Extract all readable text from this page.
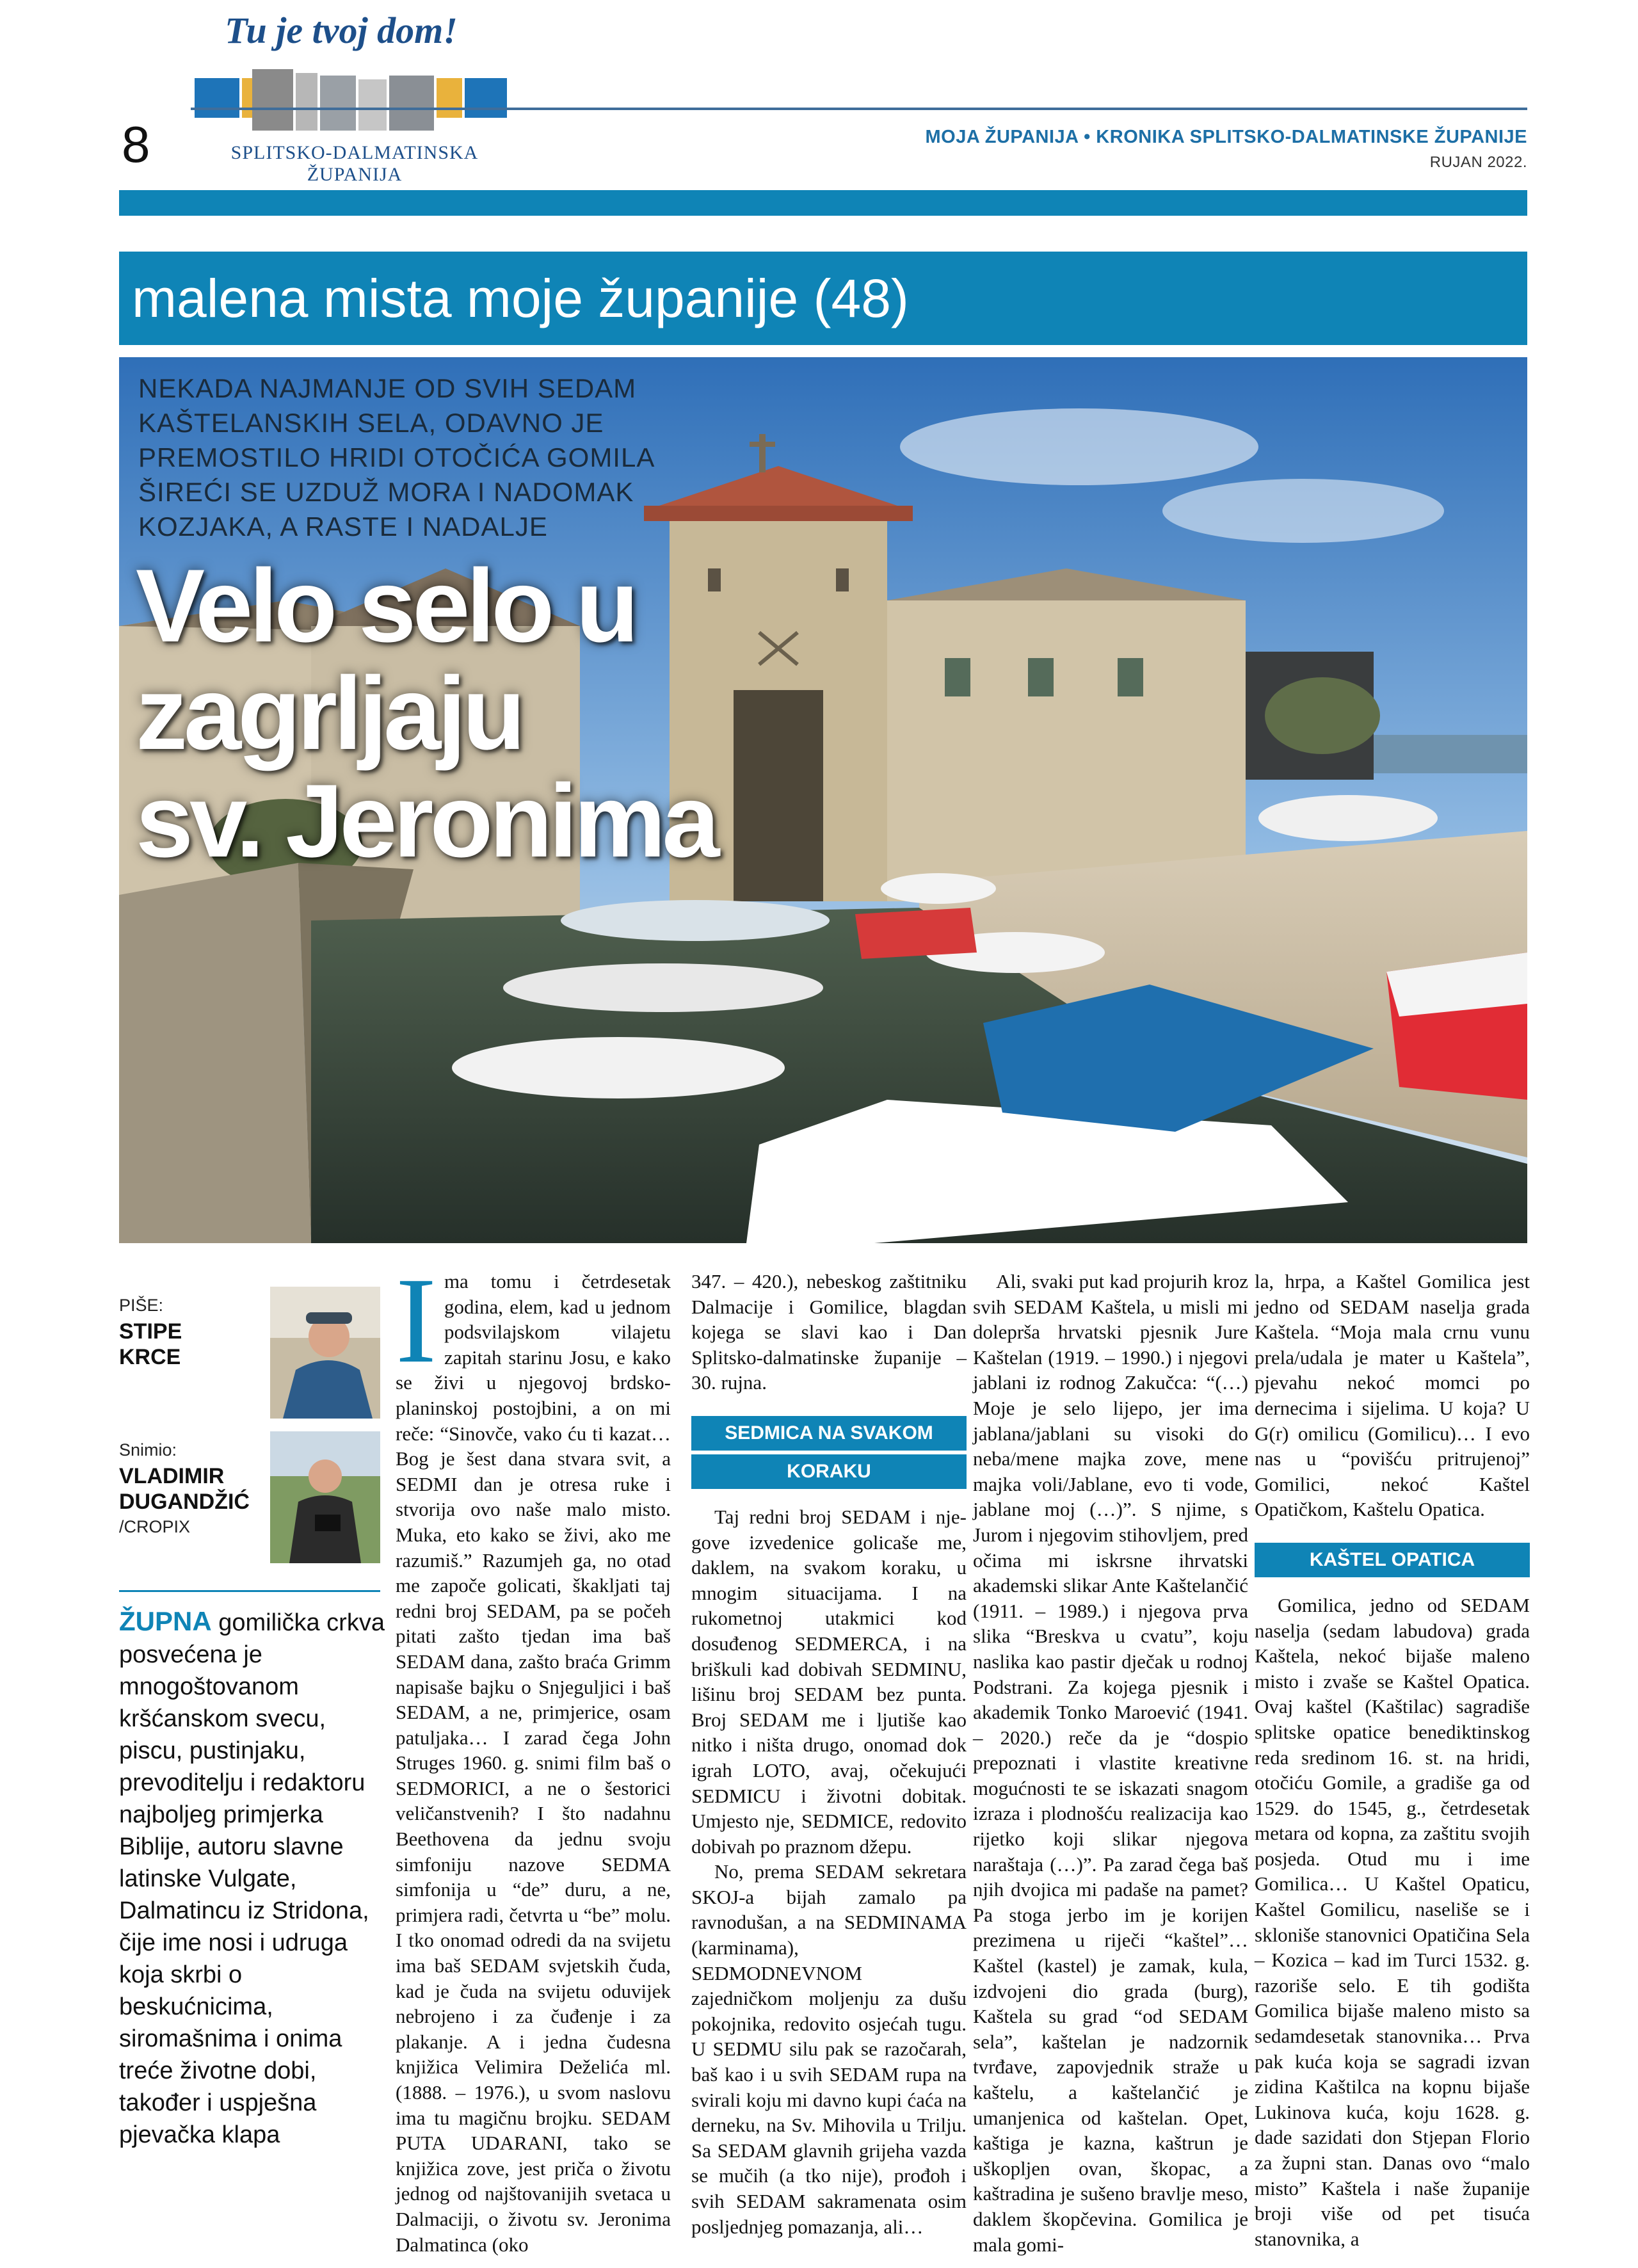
Tu je tvoj dom!
SPLITSKO-DALMATINSKA ŽUPANIJA
8	MOJA ŽUPANIJA • KRONIKA SPLITSKO-DALMATINSKE ŽUPANIJE
RUJAN 2022.
malena mista moje županije (48)
NEKADA NAJMANJE OD SVIH SEDAM KAŠTELANSKIH SELA, ODAVNO JE PREMOSTILO HRIDI OTOČIĆA GOMILA ŠIREĆI SE UZDUŽ MORA I NADOMAK KOZJAKA, A RASTE I NADALJE
Velo selo u
zagrljaju
sv. Jeronima
PIŠE:
STIPE
KRCE
Snimio:
VLADIMIR
DUGANDŽIĆ
/CROPIX
ŽUPNA gomilička crkva posvećena je mnogoštovanom kršćanskom svecu, piscu, pustinjaku, prevoditelju i redaktoru najboljeg primjerka Biblije, autoru slavne latinske Vulgate, Dalmatincu iz Stridona, čije ime nosi i udruga koja skrbi o beskućnicima, siromašnima i onima treće životne dobi, također i uspješna pjevačka klapa

Ima tomu i četrdesetak godina, elem, kad u jednom podsvilajskom vilajetu zapitah starinu Josu, e kako se živi u njegovoj brdsko-planinskoj postojbini, a on mi reče: “Sinovče, vako ću ti kazat… Bog je šest dana stvara svit, a SEDMI dan je otresa ruke i stvorija ovo naše malo misto. Muka, eto kako se živi, ako me razumiš.” Razumjeh ga, no otad me započe golicati, škakljati taj redni broj SEDAM, pa se počeh pitati zašto tjedan ima baš SEDAM dana, zašto braća Grimm napisaše bajku o Snjeguljici i baš SEDAM, a ne, primjerice, osam patuljaka… I zarad čega John Struges 1960. g. snimi film baš o SEDMORICI, a ne o šestorici veličanstvenih? I što nadahnu Beethovena da jednu svoju simfoniju nazove SEDMA simfonija u “de” duru, a ne, primjera radi, četvrta u “be” molu. I tko onomad odredi da na svijetu ima baš SEDAM svjetskih čuda, kad je čuda na svijetu oduvijek nebrojeno i za čuđenje i za plakanje. A i jedna čudesna knjižica Velimira Deželića ml. (1888. – 1976.), u svom naslovu ima tu magičnu brojku. SEDAM PUTA UDARANI, tako se knjižica zove, jest priča o životu jednog od najštovanijih svetaca u Dalmaciji, o životu sv. Jeronima Dalmatinca (oko

347. – 420.), nebeskog zaštitniku Dalmacije i Gomilice, blagdan kojega se slavi kao i Dan Splitsko-dalmatinske županije – 30. rujna.

SEDMICA NA SVAKOM
KORAKU

Taj redni broj SEDAM i nje- gove izvedenice golicaše me, daklem, na svakom koraku, u mnogim situacijama. I na rukometnoj utakmici kod dosuđenog SEDMERCA, i na briškuli kad dobivah SEDMINU, lišinu broj SEDAM bez punta. Broj SEDAM me i ljutiše kao nitko i ništa drugo, onomad dok igrah LOTO, avaj, očekujući SEDMICU i životni dobitak. Umjesto nje, SEDMICE, redovito dobivah po praznom džepu.

No, prema SEDAM sekretara SKOJ-a bijah zamalo pa ravnodušan, a na SEDMINAMA (karminama), SEDMODNEVNOM zajedničkom moljenju za dušu pokojnika, redovito osjećah tugu. U SEDMU silu pak se razočarah, baš kao i u svih SEDAM rupa na svirali koju mi davno kupi ćaća na derneku, na Sv. Mihovila u Trilju. Sa SEDAM glavnih grijeha vazda se mučih (a tko nije), prođoh i svih SEDAM sakramenata osim posljednjeg pomazanja, ali…

Ali, svaki put kad projurih kroz svih SEDAM Kaštela, u misli mi dolepršа hrvatski pjesnik Jure Kaštelan (1919. – 1990.) i njegovi jablani iz rodnog Zakučca: “(…) Moje je selo lijepo, jer ima jablana/jablani su visoki do neba/mene majka zove, mene majka voli/Jablane, evo ti vode, jablane moj (…)”. S njime, s Jurom i njegovim stihovljem, pred očima mi iskrsne ihrvatski akademski slikar Ante Kaštelančić (1911. – 1989.) i njegova prva slika “Breskva u cvatu”, koju naslika kao pastir dječak u rodnoj Podstrani. Za kojega pjesnik i akademik Tonko Maroević (1941. – 2020.) reče da je “dospio prepoznati i vlastite kreativne mogućnosti te se iskazati snagom izraza i plodnošću realizacija kao rijetko koji slikar njegova naraštaja (…)”. Pa zarad čega baš njih dvojica mi padaše na pamet? Pa stoga jerbo im je korijen prezimena u riječi “kaštel”… Kaštel (kastel) je zamak, kula, izdvojeni dio grada (burg), Kaštela su grad “od SEDAM sela”, kaštelan je nadzornik tvrđave, zapovjednik straže u kaštelu, a kaštelančić je umanjenica od kaštelan. Opet, kaštiga je kazna, kaštrun je uškopljen ovan, škopac, a kaštradina je sušeno bravlje meso, daklem škopčevina. Gomilica je mala gomi-

la, hrpa, a Kaštel Gomilica jest jedno od SEDAM naselja grada Kaštela. “Moja mala crnu vunu prela/udala je mater u Kaštela”, pjevahu nekoć momci po dernecima i sijelima. U koja? U G(r) omilicu (Gomilicu)… I evo nas u “povišću pritrujenoj” Gomilici, nekoć Kaštel Opatičkom, Kaštelu Opatica.

KAŠTEL OPATICA

Gomilica, jedno od SEDAM naselja (sedam labudova) grada Kaštela, nekoć bijaše maleno misto i zvaše se Kaštel Opatica. Ovaj kaštel (Kaštilac) sagradiše splitske opatice benediktinskog reda sredinom 16. st. na hridi, otočiću Gomile, a gradiše ga od 1529. do 1545, g., četrdesetak metara od kopna, za zaštitu svojih posjeda. Otud mu i ime Gomilica… U Kaštel Opaticu, Kaštel Gomilicu, naseliše se i skloniše stanovnici Opatičina Sela – Kozica – kad im Turci 1532. g. razoriše selo. E tih godišta Gomilica bijaše maleno misto sa sedamdesetak stanovnika… Prva pak kuća koja se sagradi izvan zidina Kaštilca na kopnu bijaše Lukinova kuća, koju 1628. g. dade sazidati don Stjepan Florio za župni stan. Danas ovo “malo misto” Kaštela i naše županije broji više od pet tisuća stanovnika, a
